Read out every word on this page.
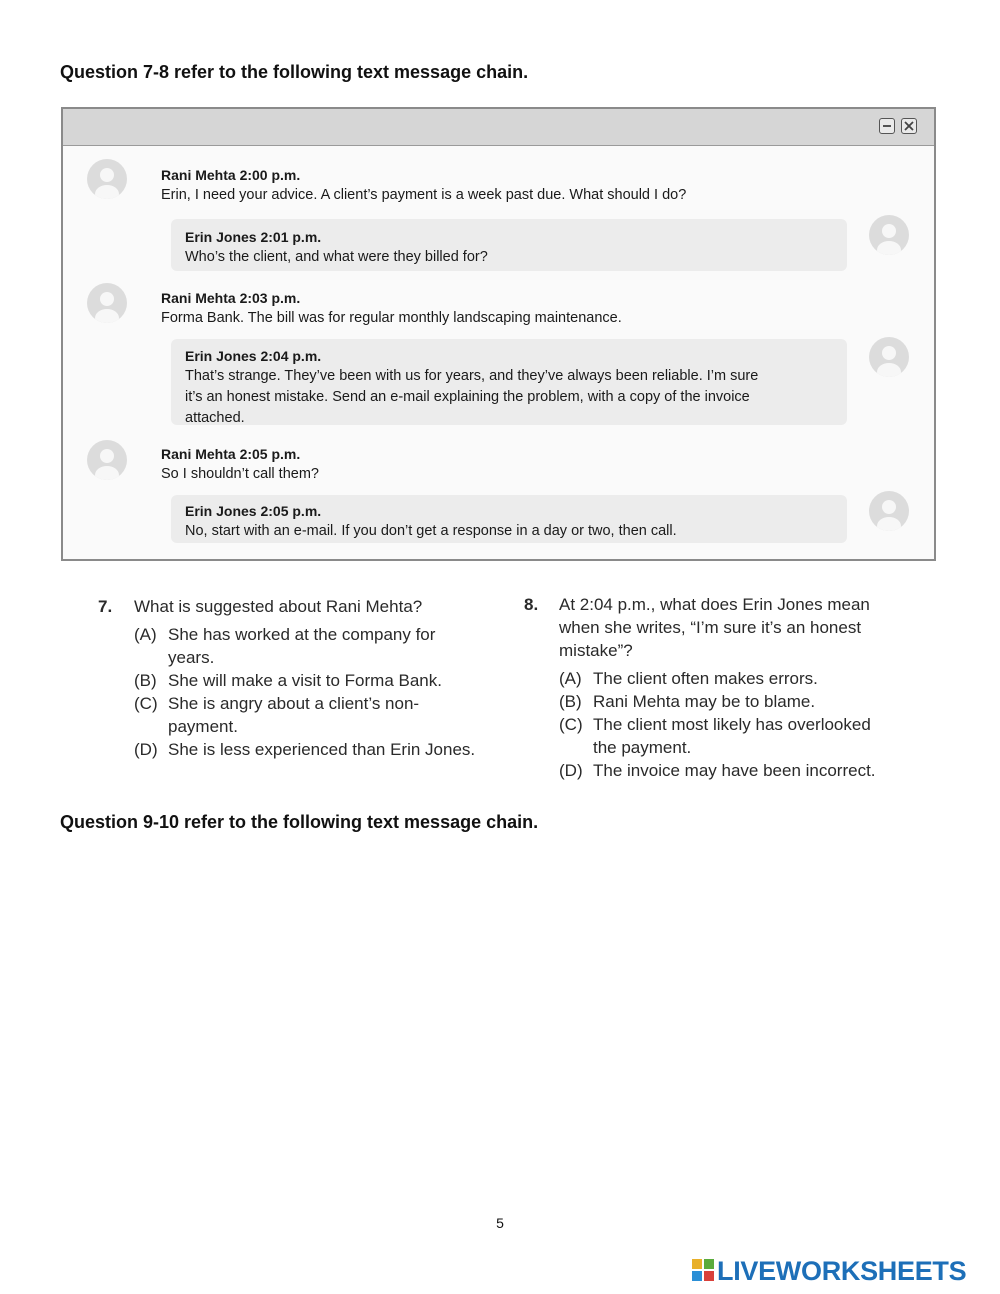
Question 7-8 refer to the following text message chain.
Rani Mehta 2:00 p.m.
Erin, I need your advice. A client’s payment is a week past due. What should I do?
Erin Jones 2:01 p.m.
Who’s the client, and what were they billed for?
Rani Mehta 2:03 p.m.
Forma Bank. The bill was for regular monthly landscaping maintenance.
Erin Jones 2:04 p.m.
That’s strange. They’ve been with us for years, and they’ve always been reliable. I’m sure
it’s an honest mistake. Send an e-mail explaining the problem, with a copy of the invoice
attached.
Rani Mehta 2:05 p.m.
So I shouldn’t call them?
Erin Jones 2:05 p.m.
No, start with an e-mail. If you don’t get a response in a day or two, then call.
7. What is suggested about Rani Mehta?
(A) She has worked at the company for
years.
(B) She will make a visit to Forma Bank.
(C) She is angry about a client’s non-
payment.
(D) She is less experienced than Erin Jones.
8. At 2:04 p.m., what does Erin Jones mean
when she writes, “I’m sure it’s an honest
mistake”?
(A) The client often makes errors.
(B) Rani Mehta may be to blame.
(C) The client most likely has overlooked
the payment.
(D) The invoice may have been incorrect.
Question 9-10 refer to the following text message chain.
5
LIVEWORKSHEETS
